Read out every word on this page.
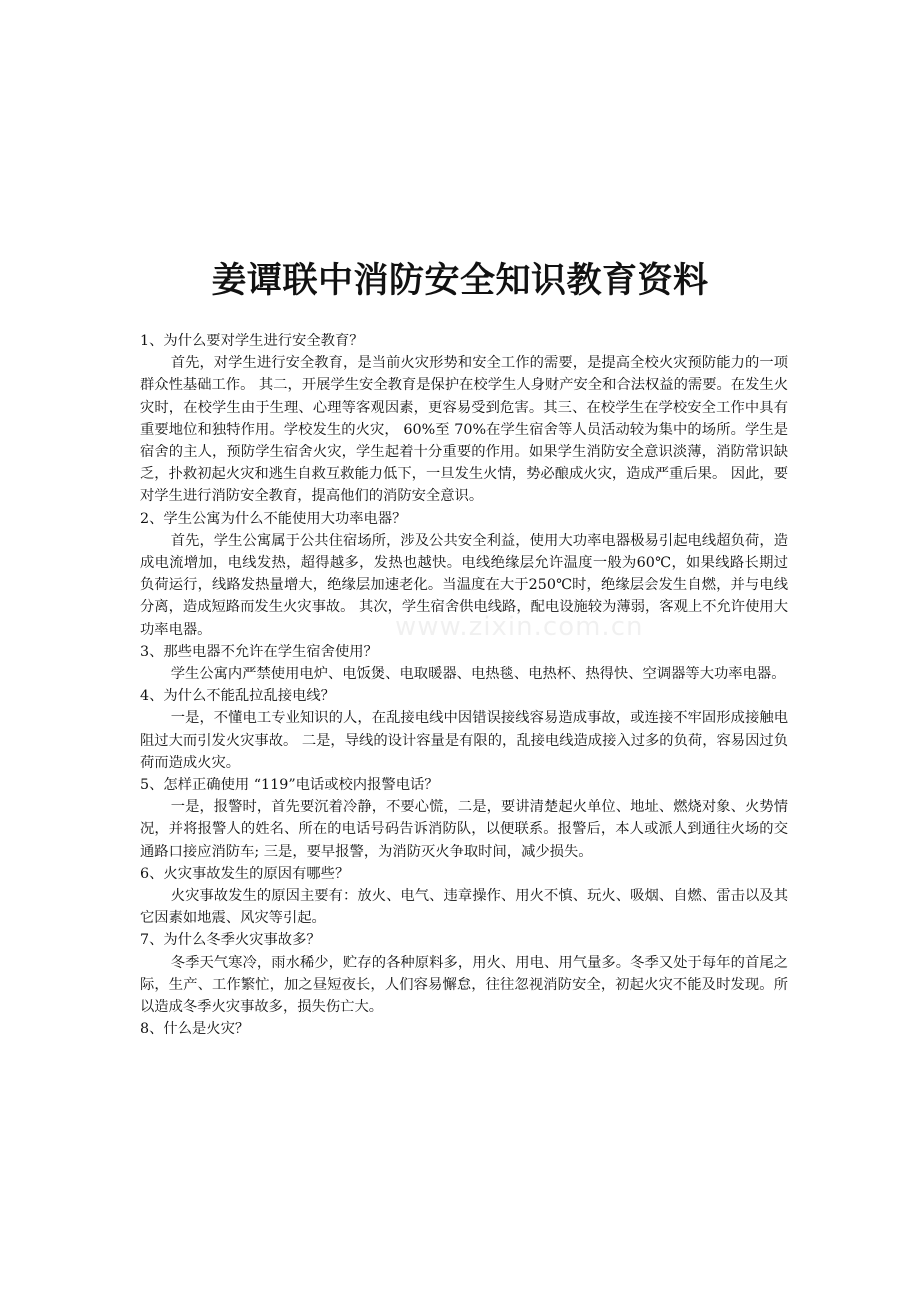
姜谭联中消防安全知识教育资料
www.zixin.com.cn

1、为什么要对学生进行安全教育？

首先，对学生进行安全教育，是当前火灾形势和安全工作的需要，是提高全校火灾预防能力的一项群众性基础工作。 其二，开展学生安全教育是保护在校学生人身财产安全和合法权益的需要。在发生火灾时，在校学生由于生理、心理等客观因素，更容易受到危害。其三、在校学生在学校安全工作中具有重要地位和独特作用。学校发生的火灾， 60%至 70%在学生宿舍等人员活动较为集中的场所。学生是宿舍的主人，预防学生宿舍火灾，学生起着十分重要的作用。如果学生消防安全意识淡薄，消防常识缺乏，扑救初起火灾和逃生自救互救能力低下，一旦发生火情，势必酿成火灾，造成严重后果。 因此，要对学生进行消防安全教育，提高他们的消防安全意识。

2、学生公寓为什么不能使用大功率电器？

首先，学生公寓属于公共住宿场所，涉及公共安全利益，使用大功率电器极易引起电线超负荷，造成电流增加，电线发热，超得越多，发热也越快。电线绝缘层允许温度一般为60℃，如果线路长期过负荷运行，线路发热量增大，绝缘层加速老化。当温度在大于250℃时，绝缘层会发生自燃，并与电线分离，造成短路而发生火灾事故。 其次，学生宿舍供电线路，配电设施较为薄弱，客观上不允许使用大功率电器。

3、那些电器不允许在学生宿舍使用？

学生公寓内严禁使用电炉、电饭煲、电取暖器、电热毯、电热杯、热得快、空调器等大功率电器。

4、为什么不能乱拉乱接电线？

一是，不懂电工专业知识的人，在乱接电线中因错误接线容易造成事故，或连接不牢固形成接触电阻过大而引发火灾事故。 二是，导线的设计容量是有限的，乱接电线造成接入过多的负荷，容易因过负荷而造成火灾。

5、怎样正确使用 “119”电话或校内报警电话？

一是，报警时，首先要沉着冷静，不要心慌，二是，要讲清楚起火单位、地址、燃烧对象、火势情况，并将报警人的姓名、所在的电话号码告诉消防队，以便联系。报警后，本人或派人到通往火场的交通路口接应消防车; 三是，要早报警，为消防灭火争取时间，减少损失。

6、火灾事故发生的原因有哪些？

火灾事故发生的原因主要有：放火、电气、违章操作、用火不慎、玩火、吸烟、自燃、雷击以及其它因素如地震、风灾等引起。

7、为什么冬季火灾事故多？

冬季天气寒冷，雨水稀少，贮存的各种原料多，用火、用电、用气量多。冬季又处于每年的首尾之际，生产、工作繁忙，加之昼短夜长，人们容易懈怠，往往忽视消防安全，初起火灾不能及时发现。所以造成冬季火灾事故多，损失伤亡大。

8、什么是火灾？
